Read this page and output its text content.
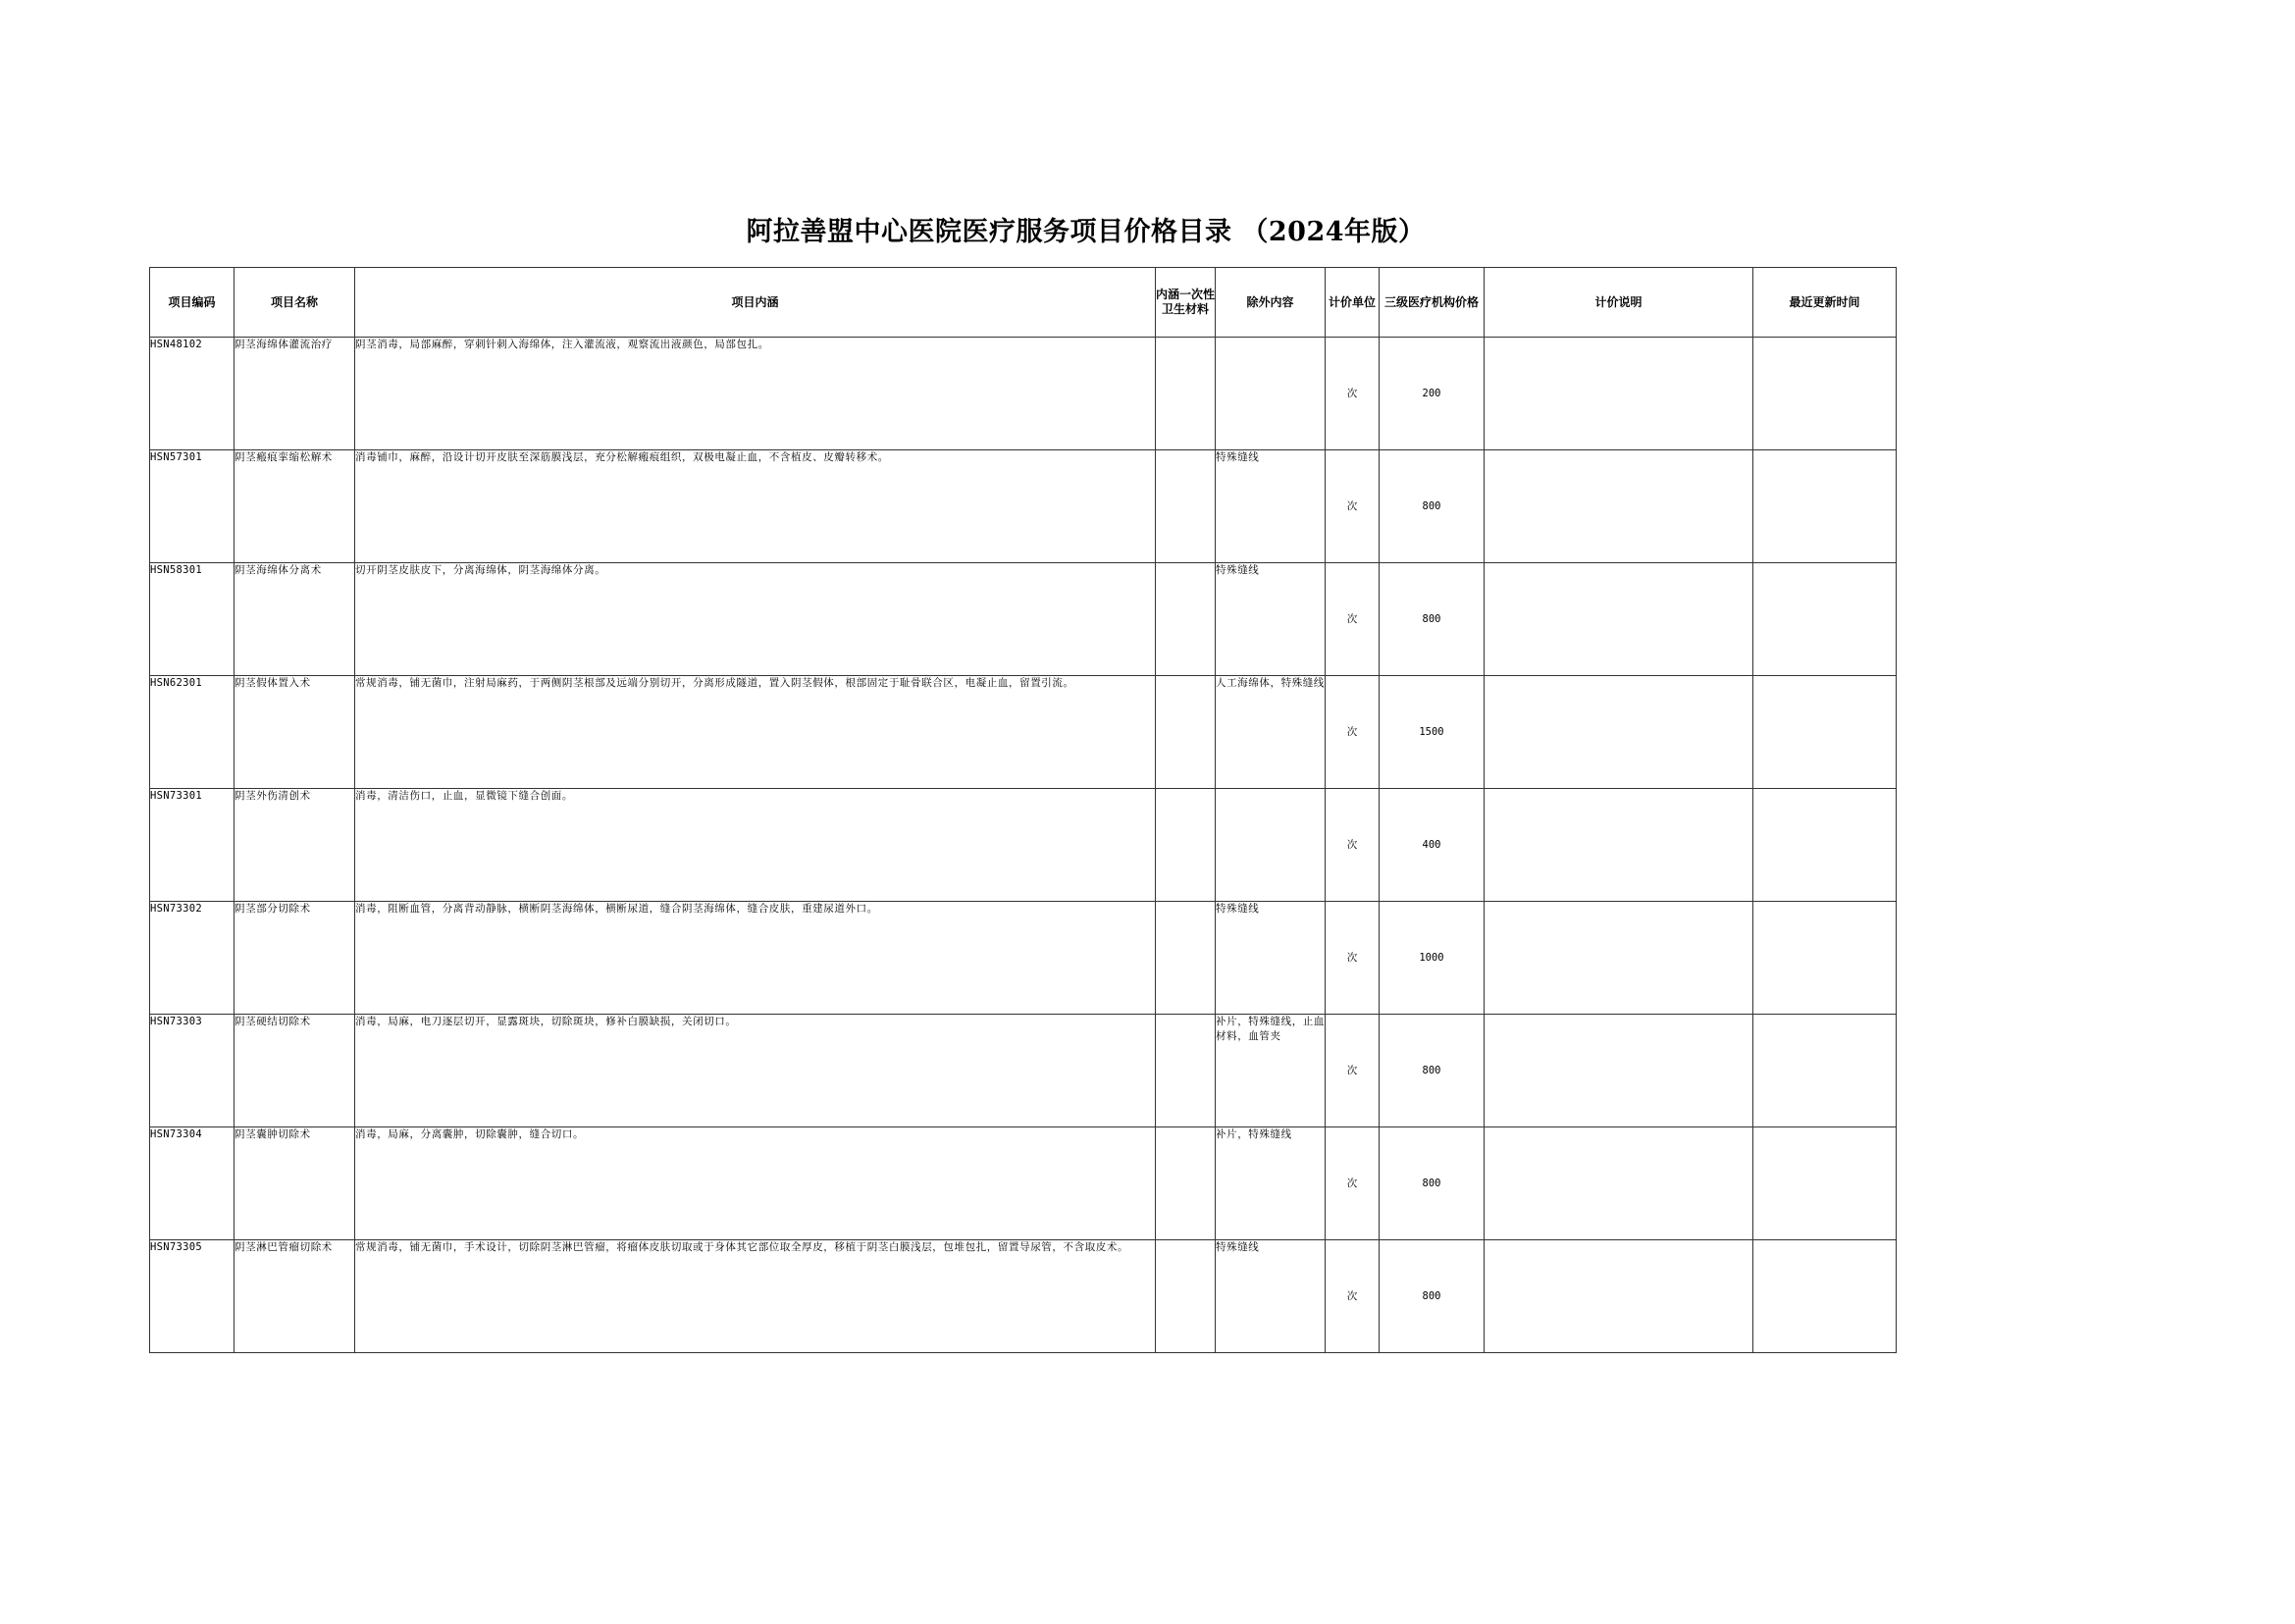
阿拉善盟中心医院医疗服务项目价格目录 （2024年版）
项目编码	项目名称	项目内涵	内涵一次性卫生材料	除外内容	计价单位	三级医疗机构价格	计价说明	最近更新时间
HSN48102	阴茎海绵体灌流治疗	阴茎消毒，局部麻醉，穿刺针刺入海绵体，注入灌流液，观察流出液颜色，局部包扎。			次	200		
HSN57301	阴茎瘢痕挛缩松解术	消毒铺巾，麻醉，沿设计切开皮肤至深筋膜浅层，充分松解瘢痕组织，双极电凝止血，不含植皮、皮瓣转移术。		特殊缝线	次	800		
HSN58301	阴茎海绵体分离术	切开阴茎皮肤皮下，分离海绵体，阴茎海绵体分离。		特殊缝线	次	800		
HSN62301	阴茎假体置入术	常规消毒，铺无菌巾，注射局麻药，于两侧阴茎根部及远端分别切开，分离形成隧道，置入阴茎假体，根部固定于耻骨联合区，电凝止血，留置引流。		人工海绵体，特殊缝线	次	1500		
HSN73301	阴茎外伤清创术	消毒，清洁伤口，止血，显微镜下缝合创面。			次	400		
HSN73302	阴茎部分切除术	消毒，阻断血管，分离背动静脉，横断阴茎海绵体，横断尿道，缝合阴茎海绵体，缝合皮肤，重建尿道外口。		特殊缝线	次	1000		
HSN73303	阴茎硬结切除术	消毒，局麻，电刀逐层切开，显露斑块，切除斑块，修补白膜缺损，关闭切口。		补片，特殊缝线，止血材料，血管夹	次	800		
HSN73304	阴茎囊肿切除术	消毒，局麻，分离囊肿，切除囊肿，缝合切口。		补片，特殊缝线	次	800		
HSN73305	阴茎淋巴管瘤切除术	常规消毒，铺无菌巾，手术设计，切除阴茎淋巴管瘤，将瘤体皮肤切取或于身体其它部位取全厚皮，移植于阴茎白膜浅层，包堆包扎，留置导尿管，不含取皮术。		特殊缝线	次	800		
